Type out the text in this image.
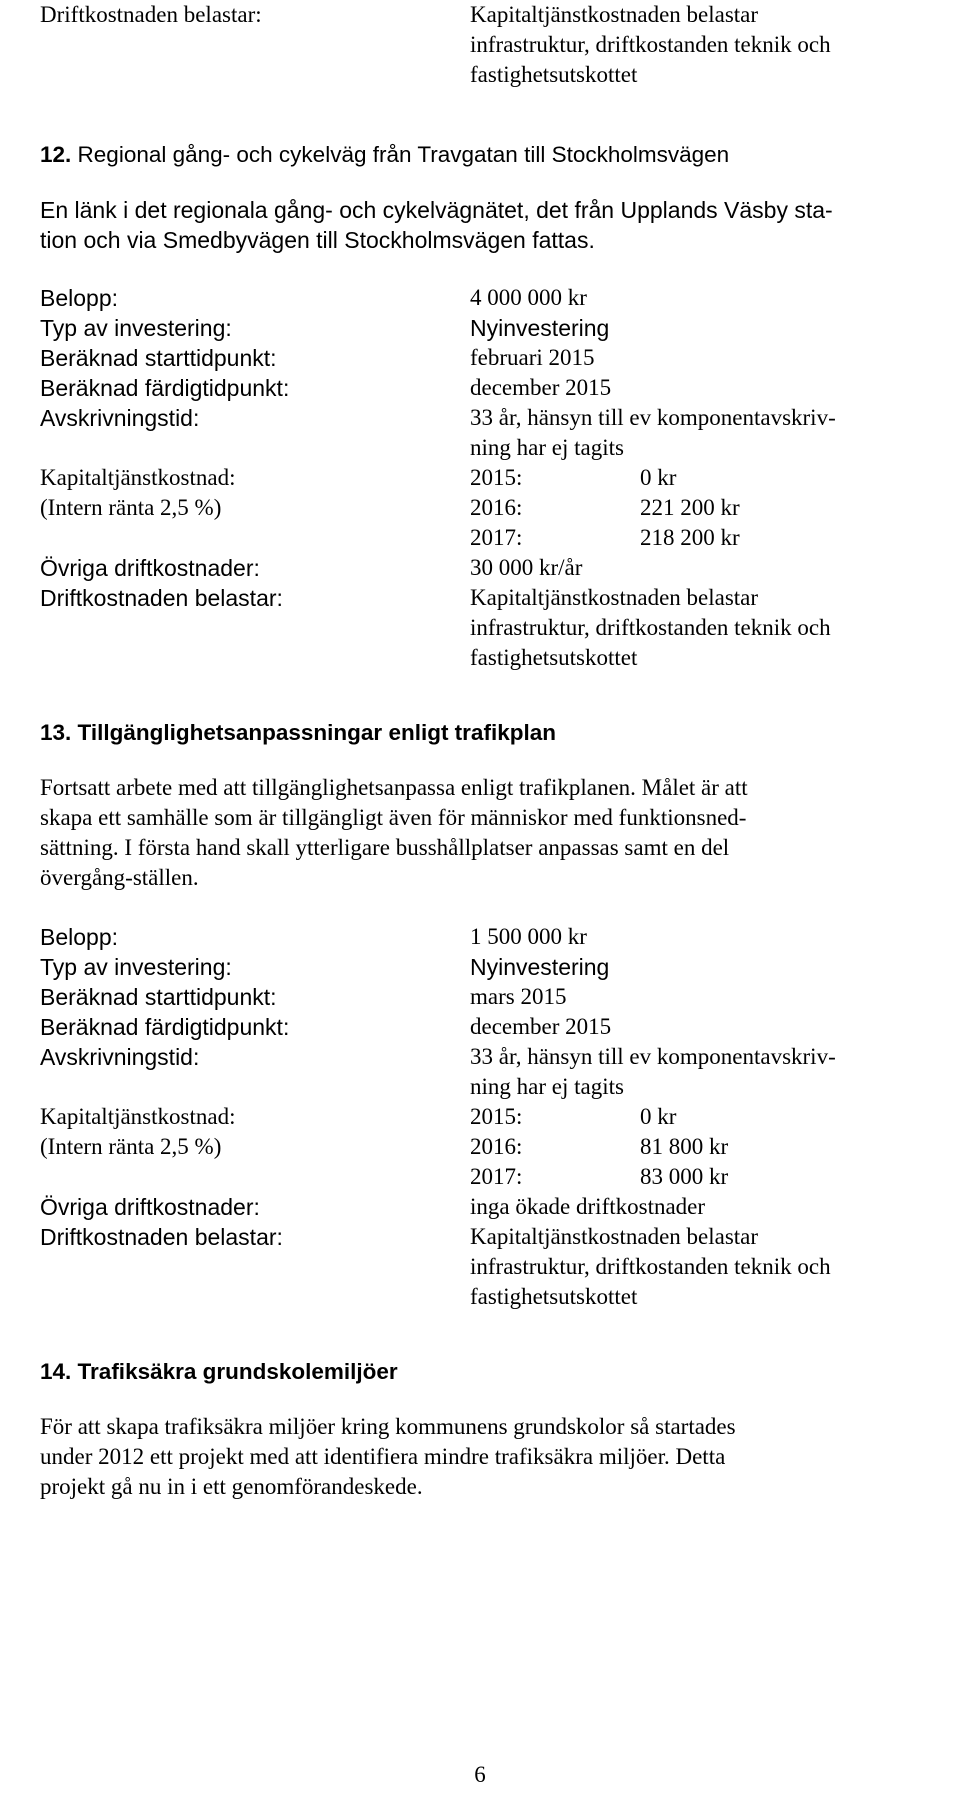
Driftkostnaden belastar:	Kapitaltjänstkostnaden belastar
infrastruktur, driftkostanden teknik och
fastighetsutskottet
12. Regional gång- och cykelväg från Travgatan till Stockholmsvägen
En länk i det regionala gång- och cykelvägnätet, det från Upplands Väsby sta-
tion och via Smedbyvägen till Stockholmsvägen fattas.
Belopp:	4 000 000 kr
Typ av investering:	Nyinvestering
Beräknad starttidpunkt:	februari 2015
Beräknad färdigtidpunkt:	december 2015
Avskrivningstid:	33 år, hänsyn till ev komponentavskriv-
ning har ej tagits
Kapitaltjänstkostnad:
(Intern ränta 2,5 %)
2015:	0 kr
2016:	221 200 kr
2017:	218 200 kr
Övriga driftkostnader:	30 000 kr/år
Driftkostnaden belastar:	Kapitaltjänstkostnaden belastar
infrastruktur, driftkostanden teknik och
fastighetsutskottet
13. Tillgänglighetsanpassningar enligt trafikplan
Fortsatt arbete med att tillgänglighetsanpassa enligt trafikplanen. Målet är att
skapa ett samhälle som är tillgängligt även för människor med funktionsned-
sättning. I första hand skall ytterligare busshållplatser anpassas samt en del
övergång-ställen.
Belopp:	1 500 000 kr
Typ av investering:	Nyinvestering
Beräknad starttidpunkt:	mars 2015
Beräknad färdigtidpunkt:	december 2015
Avskrivningstid:	33 år, hänsyn till ev komponentavskriv-
ning har ej tagits
Kapitaltjänstkostnad:
(Intern ränta 2,5 %)
2015:	0 kr
2016:	81 800 kr
2017:	83 000 kr
Övriga driftkostnader:	inga ökade driftkostnader
Driftkostnaden belastar:	Kapitaltjänstkostnaden belastar
infrastruktur, driftkostanden teknik och
fastighetsutskottet
14. Trafiksäkra grundskolemiljöer
För att skapa trafiksäkra miljöer kring kommunens grundskolor så startades
under 2012 ett projekt med att identifiera mindre trafiksäkra miljöer. Detta
projekt gå nu in i ett genomförandeskede.
6
